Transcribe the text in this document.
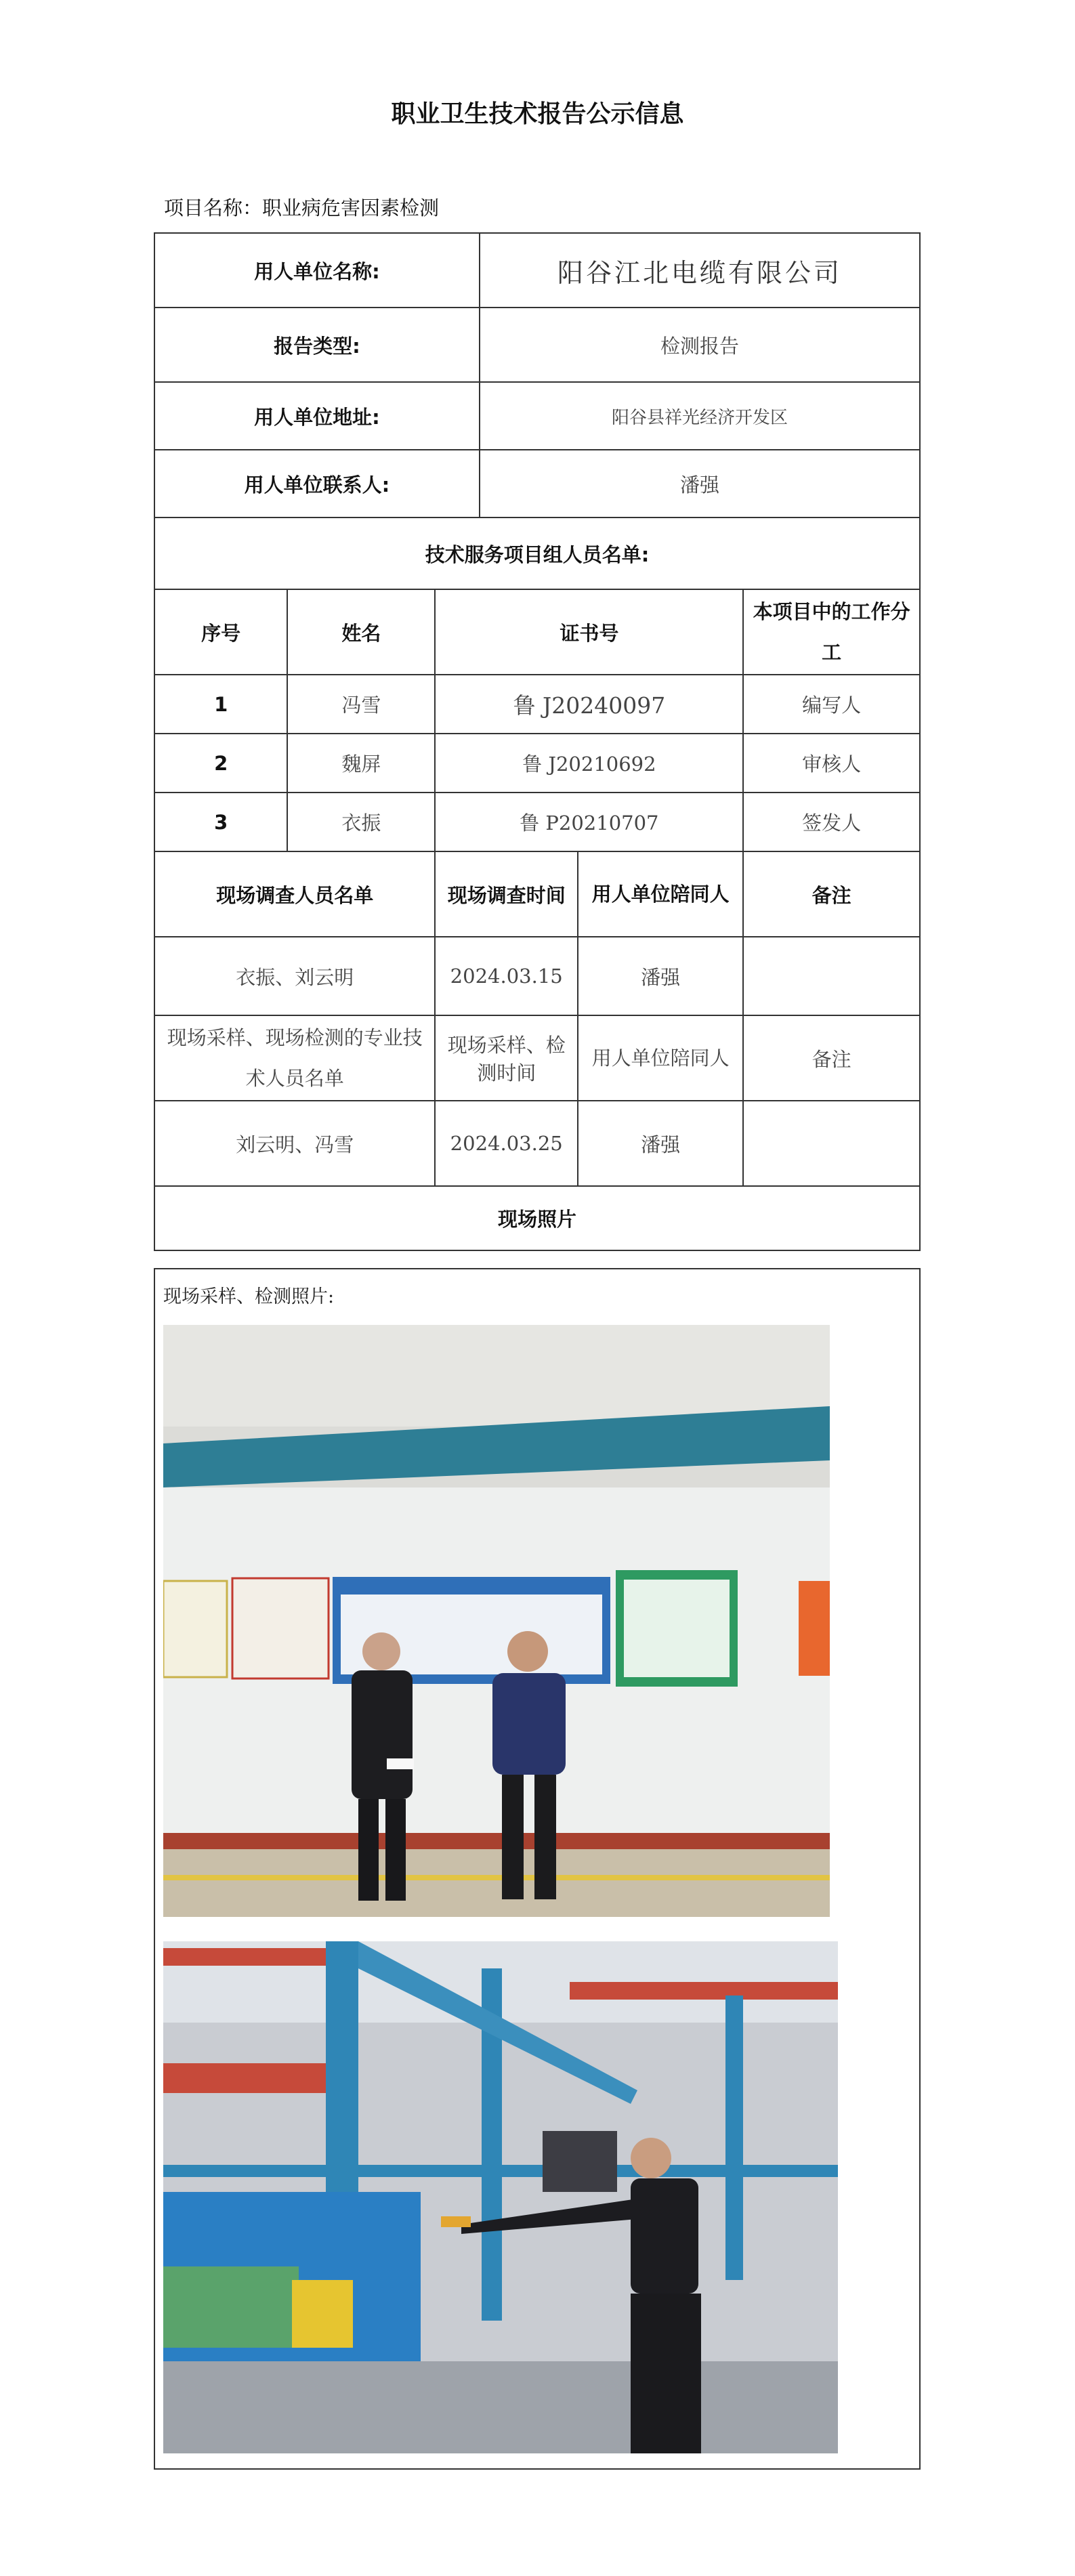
职业卫生技术报告公示信息
项目名称：职业病危害因素检测
用人单位名称:			阳谷江北电缆有限公司		
报告类型:			检测报告		
用人单位地址:			阳谷县祥光经济开发区		
用人单位联系人:			潘强		
技术服务项目组人员名单:					
序号	姓名	证书号			本项目中的工作分工
1	冯雪	鲁 J20240097			编写人
2	魏屏	鲁 J20210692			审核人
3	衣振	鲁 P20210707			签发人
现场调查人员名单		现场调查时间		用人单位陪同人	备注
衣振、刘云明		2024.03.15		潘强	
现场采样、现场检测的专业技术人员名单		现场采样、检测时间		用人单位陪同人	备注
刘云明、冯雪		2024.03.25		潘强	
现场照片					
现场采样、检测照片:
